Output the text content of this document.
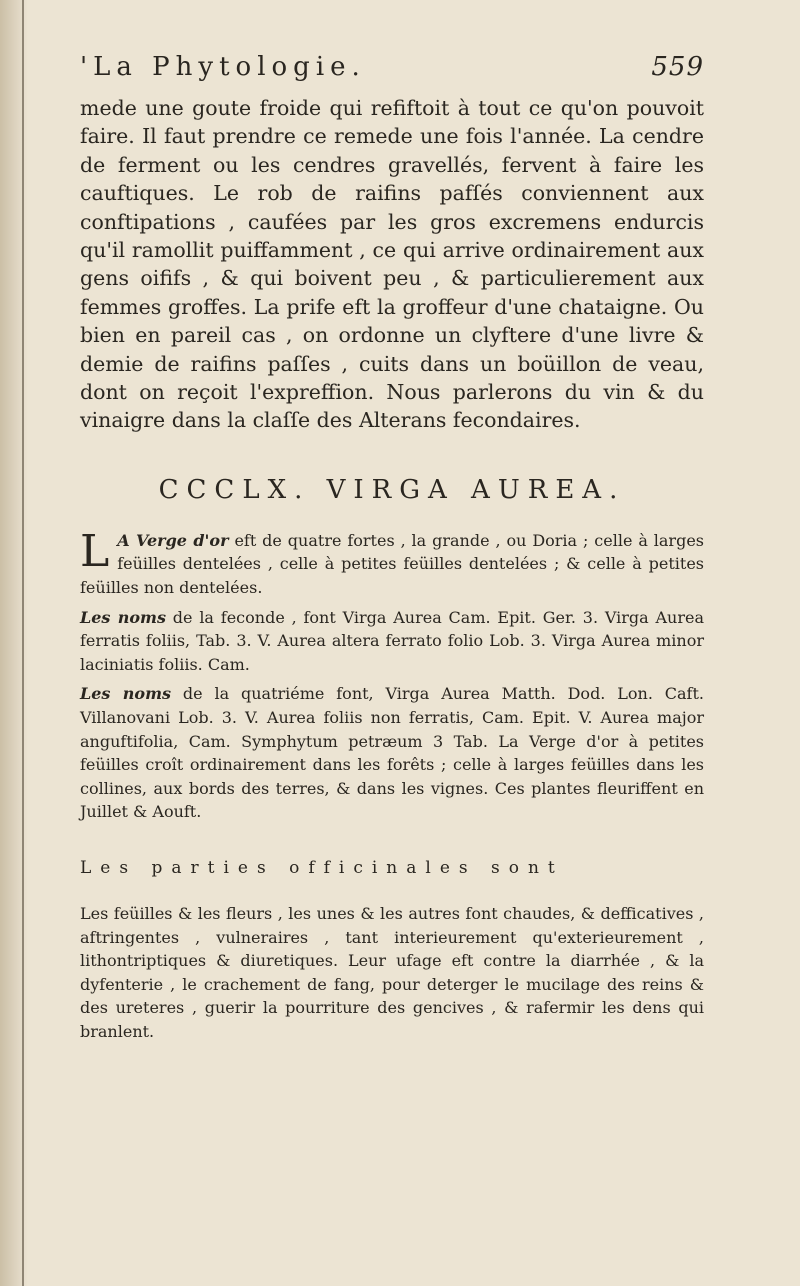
'La Phytologie.	559

mede une goute froide qui refiftoit à tout ce qu'on pouvoit faire. Il faut prendre ce remede une fois l'année. La cendre de ferment ou les cendres gravellés, fervent à faire les cauftiques. Le rob de raifins pafſés conviennent aux conftipations , caufées par les gros excremens endurcis qu'il ramollit puiffamment , ce qui arrive ordinairement aux gens oififs , & qui boivent peu , & particulierement aux femmes groffes. La prife eft la groffeur d'une chataigne. Ou bien en pareil cas , on ordonne un clyftere d'une livre & demie de raifins paſſes , cuits dans un boüillon de veau, dont on reçoit l'expreffion. Nous parlerons du vin & du vinaigre dans la claſſe des Alterans fecondaires.

CCCLX. VIRGA AUREA.

L A Verge d'or eft de quatre fortes , la grande , ou Doria ; celle à larges feüilles dentelées , celle à petites feüilles dentelées ; & celle à petites feüilles non dentelées.

Les noms de la feconde , font Virga Aurea Cam. Epit. Ger. 3. Virga Aurea ferratis foliis, Tab. 3. V. Aurea altera ferrato folio Lob. 3. Virga Aurea minor laciniatis foliis. Cam.

Les noms de la quatriéme font, Virga Aurea Matth. Dod. Lon. Caft. Villanovani Lob. 3. V. Aurea foliis non ferratis, Cam. Epit. V. Aurea major anguftifolia, Cam. Symphytum petræum 3 Tab. La Verge d'or à petites feüilles croît ordinairement dans les forêts ; celle à larges feüilles dans les collines, aux bords des terres, & dans les vignes. Ces plantes fleuriffent en Juillet & Aouft.

Les parties officinales sont

Les feüilles & les fleurs , les unes & les autres font chaudes, & defficatives , aftringentes , vulneraires , tant interieurement qu'exterieurement , lithontriptiques & diuretiques. Leur ufage eft contre la diarrhée , & la dyfenterie , le crachement de fang, pour deterger le mucilage des reins & des ureteres , guerir la pourriture des gencives , & rafermir les dens qui branlent.
